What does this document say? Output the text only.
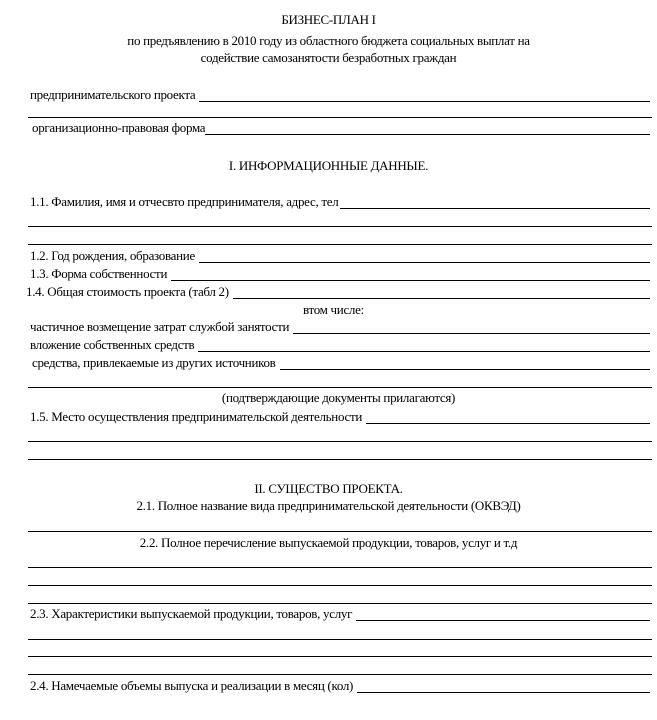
БИЗНЕС-ПЛАН I
по предъявлению в 2010 году из областного бюджета социальных выплат на
содействие самозанятости безработных граждан
предпринимательского проекта
организационно-правовая форма
I. ИНФОРМАЦИОННЫЕ ДАННЫЕ.
1.1. Фамилия, имя и отчесвто предпринимателя, адрес, тел
1.2. Год рождения, образование
1.3. Форма собственности
1.4. Общая стоимость проекта (табл 2)
втом числе:
частичное возмещение затрат службой занятости
вложение собственных средств
средства, привлекаемые из других источников
(подтверждающие документы прилагаются)
1.5. Место осуществления предпринимательской деятельности
II. СУЩЕСТВО ПРОЕКТА.
2.1. Полное название вида предпринимательской деятельности (ОКВЭД)
2.2. Полное перечисление выпускаемой продукции, товаров, услуг и т.д
2.3. Характеристики выпускаемой продукции, товаров, услуг
2.4. Намечаемые объемы выпуска и реализации в месяц (кол)
